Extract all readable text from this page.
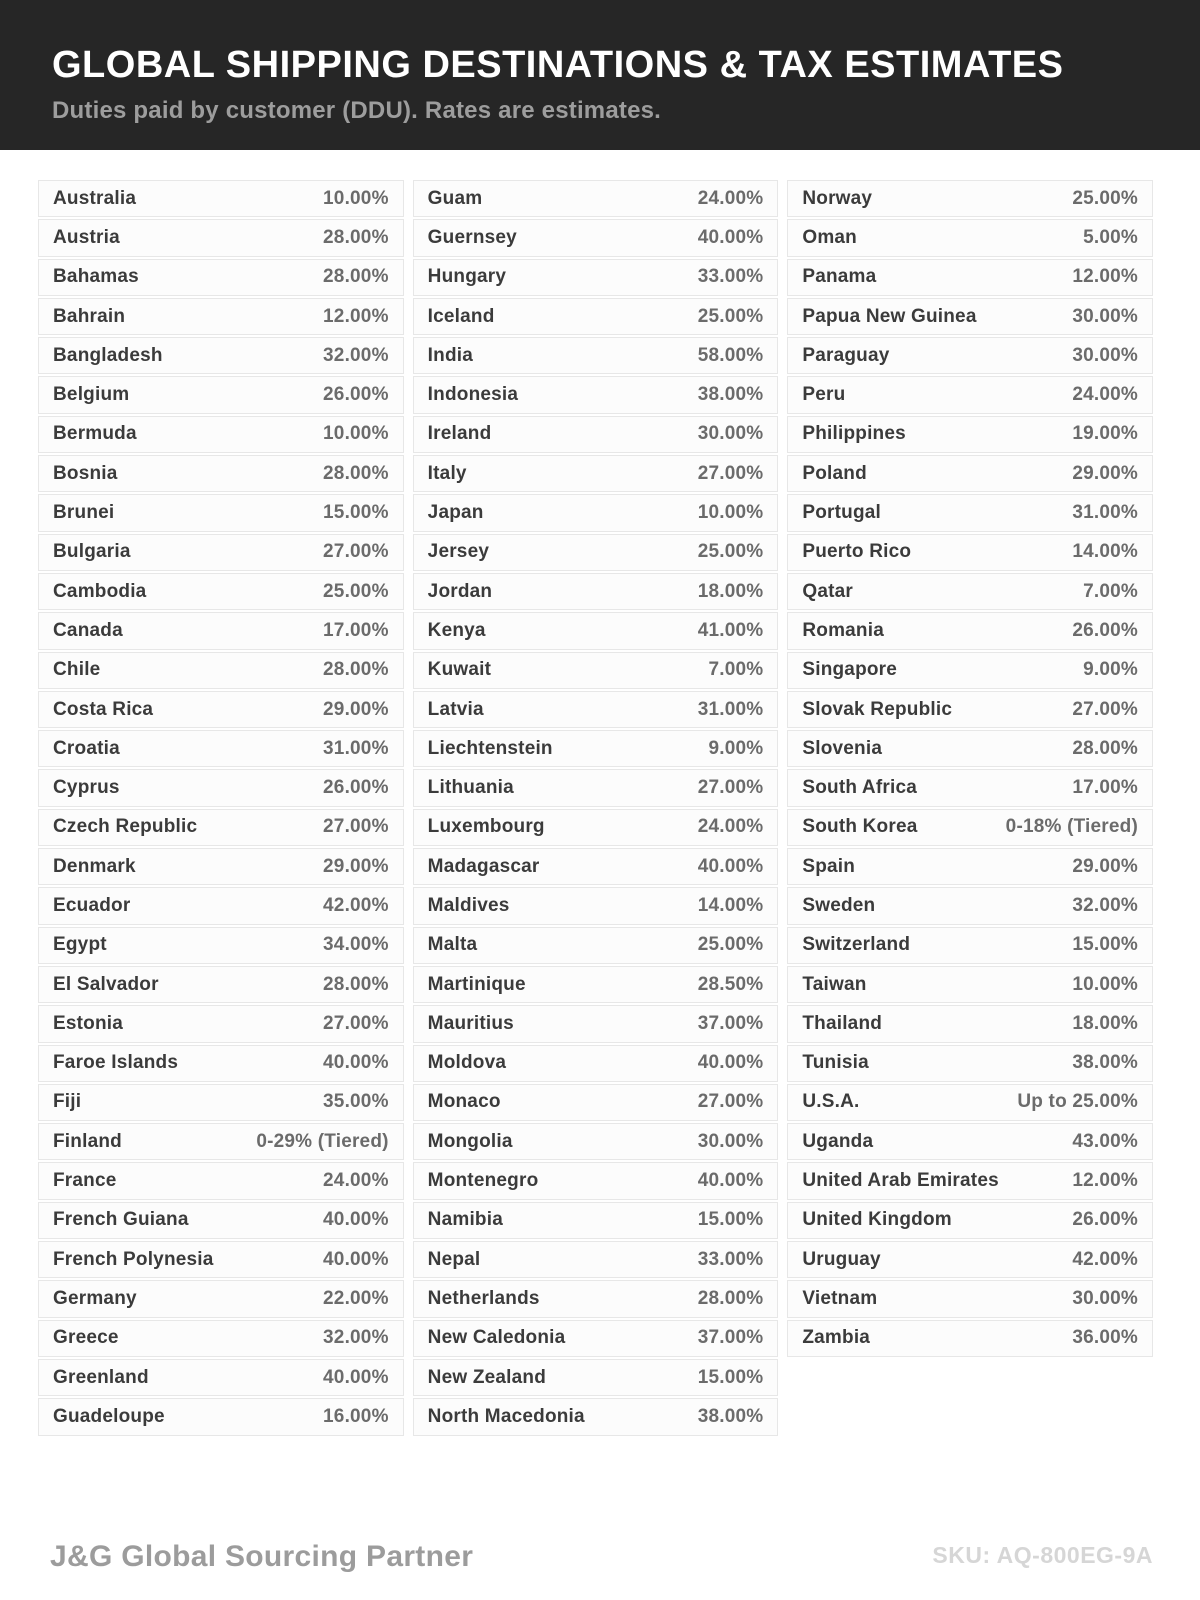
GLOBAL SHIPPING DESTINATIONS & TAX ESTIMATES

Duties paid by customer (DDU). Rates are estimates.

Australia	10.00%
Austria	28.00%
Bahamas	28.00%
Bahrain	12.00%
Bangladesh	32.00%
Belgium	26.00%
Bermuda	10.00%
Bosnia	28.00%
Brunei	15.00%
Bulgaria	27.00%
Cambodia	25.00%
Canada	17.00%
Chile	28.00%
Costa Rica	29.00%
Croatia	31.00%
Cyprus	26.00%
Czech Republic	27.00%
Denmark	29.00%
Ecuador	42.00%
Egypt	34.00%
El Salvador	28.00%
Estonia	27.00%
Faroe Islands	40.00%
Fiji	35.00%
Finland	0-29% (Tiered)
France	24.00%
French Guiana	40.00%
French Polynesia	40.00%
Germany	22.00%
Greece	32.00%
Greenland	40.00%
Guadeloupe	16.00%
Guam	24.00%
Guernsey	40.00%
Hungary	33.00%
Iceland	25.00%
India	58.00%
Indonesia	38.00%
Ireland	30.00%
Italy	27.00%
Japan	10.00%
Jersey	25.00%
Jordan	18.00%
Kenya	41.00%
Kuwait	7.00%
Latvia	31.00%
Liechtenstein	9.00%
Lithuania	27.00%
Luxembourg	24.00%
Madagascar	40.00%
Maldives	14.00%
Malta	25.00%
Martinique	28.50%
Mauritius	37.00%
Moldova	40.00%
Monaco	27.00%
Mongolia	30.00%
Montenegro	40.00%
Namibia	15.00%
Nepal	33.00%
Netherlands	28.00%
New Caledonia	37.00%
New Zealand	15.00%
North Macedonia	38.00%
Norway	25.00%
Oman	5.00%
Panama	12.00%
Papua New Guinea	30.00%
Paraguay	30.00%
Peru	24.00%
Philippines	19.00%
Poland	29.00%
Portugal	31.00%
Puerto Rico	14.00%
Qatar	7.00%
Romania	26.00%
Singapore	9.00%
Slovak Republic	27.00%
Slovenia	28.00%
South Africa	17.00%
South Korea	0-18% (Tiered)
Spain	29.00%
Sweden	32.00%
Switzerland	15.00%
Taiwan	10.00%
Thailand	18.00%
Tunisia	38.00%
U.S.A.	Up to 25.00%
Uganda	43.00%
United Arab Emirates	12.00%
United Kingdom	26.00%
Uruguay	42.00%
Vietnam	30.00%
Zambia	36.00%
J&G Global Sourcing Partner	SKU: AQ-800EG-9A
